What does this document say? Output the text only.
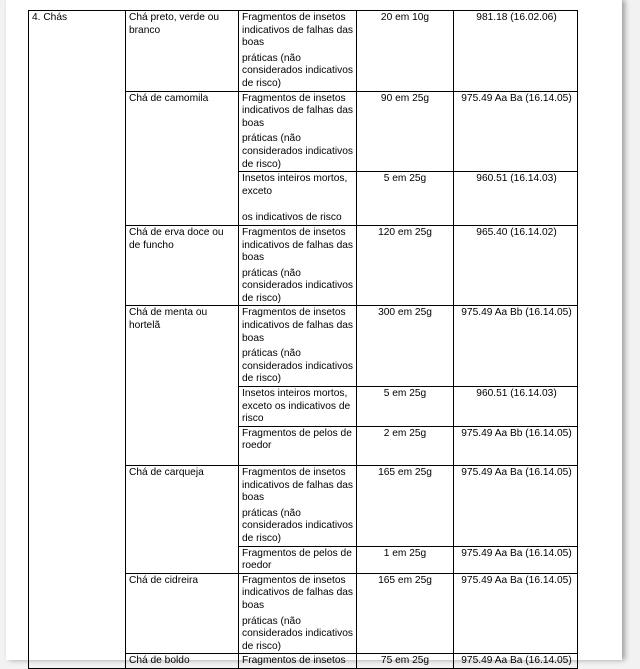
4. Chás	Chá preto, verde ou branco	Fragmentos de insetos indicativos de falhas das boas
práticas (não considerados indicativos de risco)	20 em 10g	981.18 (16.02.06)
	Chá de camomila	Fragmentos de insetos indicativos de falhas das boas
práticas (não considerados indicativos de risco)	90 em 25g	975.49 Aa Ba (16.14.05)

		Insetos inteiros mortos, exceto
os indicativos de risco	5 em 25g	960.51 (16.14.03)
	Chá de erva doce ou de funcho	Fragmentos de insetos indicativos de falhas das boas
práticas (não considerados indicativos de risco)	120 em 25g	965.40 (16.14.02)
	Chá de menta ou hortelã	Fragmentos de insetos indicativos de falhas das boas
práticas (não considerados indicativos de risco)	300 em 25g	975.49 Aa Bb (16.14.05)

		Insetos inteiros mortos, exceto os indicativos de risco	5 em 25g	960.51 (16.14.03)

		Fragmentos de pelos de roedor	2 em 25g	975.49 Aa Bb (16.14.05)
	Chá de carqueja	Fragmentos de insetos indicativos de falhas das boas
práticas (não considerados indicativos de risco)	165 em 25g	975.49 Aa Ba (16.14.05)

		Fragmentos de pelos de roedor	1 em 25g	975.49 Aa Ba (16.14.05)
	Chá de cidreira	Fragmentos de insetos indicativos de falhas das boas
práticas (não considerados indicativos de risco)	165 em 25g	975.49 Aa Ba (16.14.05)
	Chá de boldo	Fragmentos de insetos	75 em 25g	975.49 Aa Ba (16.14.05)
